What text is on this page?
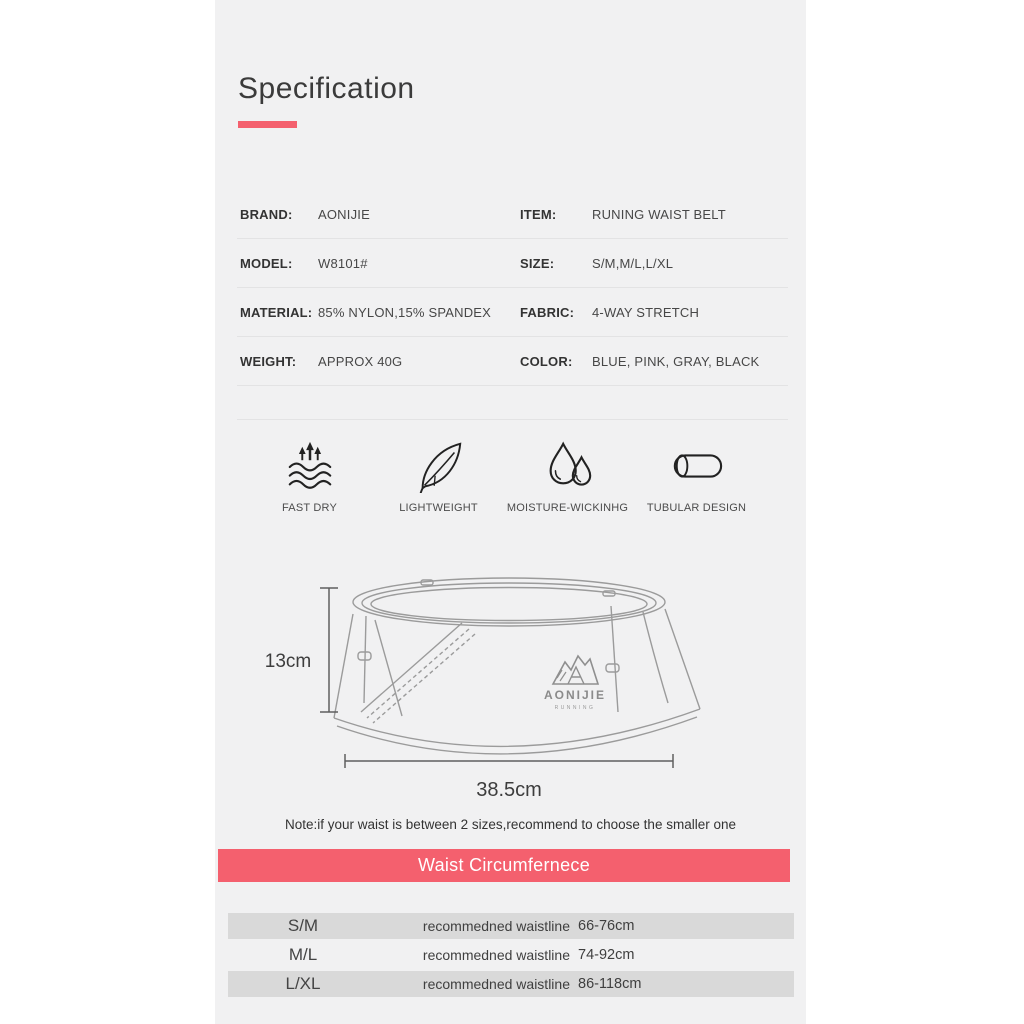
Specification
BRAND:	AONIJIE	ITEM:	RUNING WAIST BELT
MODEL:	W8101#	SIZE:	S/M,M/L,L/XL
MATERIAL: 85% NYLON,15% SPANDEX FABRIC:	4-WAY STRETCH
WEIGHT:	APPROX 40G	COLOR:	BLUE, PINK, GRAY, BLACK
FAST DRY	LIGHTWEIGHT	MOISTURE-WICKINHG TUBULAR DESIGN
AONIJIE
RUNNING
13cm
38.5cm
Note:if your waist is between 2 sizes,recommend to choose the smaller one
Waist Circumfernece
S/M	recommedned waistline 66-76cm
M/L	recommedned waistline 74-92cm
L/XL	recommedned waistline 86-118cm
